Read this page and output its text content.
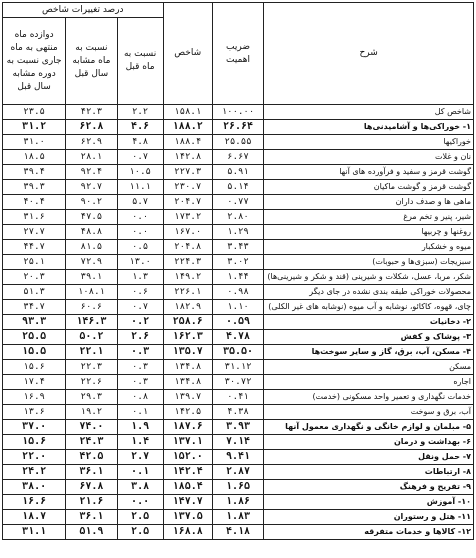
شرح	ضریب اهمیت	شاخص	درصد تغییرات شاخص		
			نسبت به ماه قبل	نسبت به ماه مشابه سال قبل	دوازده ماه منتهی به ماه جاری نسبت به دوره مشابه سال قبل
شاخص کل	۱۰۰.۰۰	۱۵۸.۱	۲.۲	۴۲.۳	۲۳.۵
۱- خوراکی‌ها و آشامیدنی‌ها	۲۶.۶۴	۱۸۸.۲	۴.۶	۶۲.۸	۳۱.۲
خوراکیها	۲۵.۵۵	۱۸۸.۴	۴.۸	۶۲.۹	۳۱.۰
نان و غلات	۶.۶۷	۱۴۲.۸	۰.۷	۲۸.۱	۱۸.۵
گوشت قرمز و سفید و فرآورده های آنها	۵.۹۱	۲۲۷.۳	۱۰.۵	۹۲.۴	۳۹.۴
گوشت قرمز و گوشت ماکیان	۵.۱۴	۲۳۰.۷	۱۱.۱	۹۲.۷	۳۹.۳
ماهی ها و صدف داران	۰.۷۷	۲۰۴.۷	۵.۷	۹۰.۲	۴۰.۴
شیر، پنیر و تخم مرغ	۲.۸۰	۱۷۳.۲	۰.۰	۴۷.۵	۳۱.۶
روغنها و چربیها	۱.۲۹	۱۶۷.۰	۰.۰	۴۸.۸	۲۷.۷
میوه و خشکبار	۳.۴۳	۲۰۴.۸	۰.۵	۸۱.۵	۴۴.۷
سبزیجات (سبزی‌ها و حبوبات)	۳.۰۲	۲۲۴.۳	۱۳.۰	۷۲.۹	۲۵.۱
شکر، مربا، عسل، شکلات و شیرینی (قند و شکر و شیرینی‌ها)	۱.۴۴	۱۴۹.۲	۱.۳	۳۹.۱	۲۰.۳
محصولات خوراکی طبقه بندی نشده در جای دیگر	۰.۹۸	۲۲۶.۱	۰.۶	۱۰۸.۱	۵۱.۳
چای، قهوه، کاکائو، نوشابه و آب میوه (نوشابه های غیر الکلی)	۱.۱۰	۱۸۲.۹	۰.۷	۶۰.۶	۳۴.۷
۲- دخانیات	۰.۵۹	۲۵۸.۶	۰.۲	۱۴۶.۳	۹۳.۳
۳- پوشاک و کفش	۴.۷۸	۱۶۲.۳	۲.۶	۵۰.۲	۲۵.۵
۴- مسکن، آب، برق، گاز و سایر سوخت‌ها	۳۵.۵۰	۱۳۵.۷	۰.۳	۲۲.۱	۱۵.۵
مسکن	۳۱.۱۲	۱۳۴.۸	۰.۳	۲۲.۳	۱۵.۶
اجاره	۳۰.۷۲	۱۳۴.۸	۰.۳	۲۲.۶	۱۷.۴
خدمات نگهداری و تعمیر واحد مسکونی (خدمت)	۰.۴۱	۱۳۹.۷	۰.۸	۲۹.۳	۱۶.۹
آب، برق و سوخت	۴.۳۸	۱۴۲.۵	۰.۱	۱۹.۲	۱۳.۶
۵- مبلمان و لوازم خانگی و نگهداری معمول آنها	۳.۹۳	۱۸۷.۶	۱.۹	۷۴.۰	۳۷.۰
۶- بهداشت و درمان	۷.۱۴	۱۳۷.۱	۱.۴	۲۴.۳	۱۵.۶
۷- حمل ونقل	۹.۴۱	۱۵۲.۰	۲.۷	۴۲.۵	۲۲.۰
۸- ارتباطات	۲.۸۷	۱۴۲.۴	۰.۱	۳۶.۱	۲۴.۲
۹- تفریح و فرهنگ	۱.۶۵	۱۸۵.۴	۳.۸	۶۷.۸	۳۸.۰
۱۰- آموزش	۱.۸۶	۱۴۷.۷	۰.۰	۲۱.۶	۱۶.۶
۱۱- هتل و رستوران	۱.۸۳	۱۳۷.۵	۲.۵	۳۶.۱	۱۸.۷
۱۲- کالاها و خدمات متفرقه	۴.۱۸	۱۶۸.۸	۲.۵	۵۱.۹	۳۱.۱
